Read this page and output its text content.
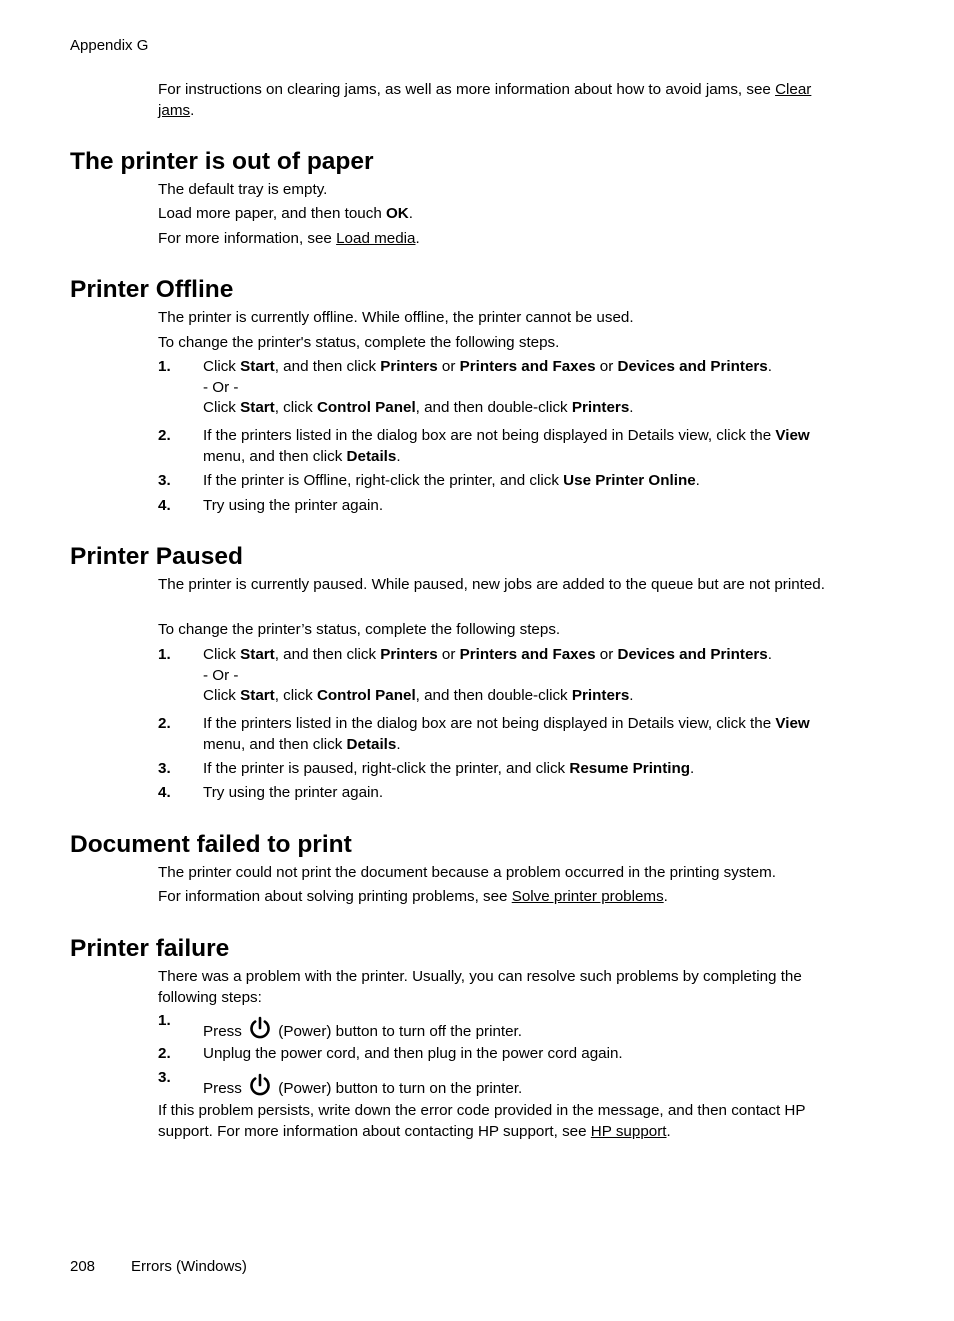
Appendix G
For instructions on clearing jams, as well as more information about how to avoid jams, see Clear
jams.
The printer is out of paper
The default tray is empty.
Load more paper, and then touch OK.
For more information, see Load media.
Printer Offline
The printer is currently offline. While offline, the printer cannot be used.
To change the printer's status, complete the following steps.
1. Click Start, and then click Printers or Printers and Faxes or Devices and Printers.
- Or -
Click Start, click Control Panel, and then double-click Printers.
2. If the printers listed in the dialog box are not being displayed in Details view, click the View
menu, and then click Details.
3. If the printer is Offline, right-click the printer, and click Use Printer Online.
4. Try using the printer again.
Printer Paused
The printer is currently paused. While paused, new jobs are added to the queue but are not printed.
To change the printer’s status, complete the following steps.
1. Click Start, and then click Printers or Printers and Faxes or Devices and Printers.
- Or -
Click Start, click Control Panel, and then double-click Printers.
2. If the printers listed in the dialog box are not being displayed in Details view, click the View
menu, and then click Details.
3. If the printer is paused, right-click the printer, and click Resume Printing.
4. Try using the printer again.
Document failed to print
The printer could not print the document because a problem occurred in the printing system.
For information about solving printing problems, see Solve printer problems.
Printer failure
There was a problem with the printer. Usually, you can resolve such problems by completing the following steps:
1.
Press (Power) button to turn off the printer.
2. Unplug the power cord, and then plug in the power cord again.
3.
Press (Power) button to turn on the printer.
If this problem persists, write down the error code provided in the message, and then contact HP support. For more information about contacting HP support, see HP support.
208 Errors (Windows)
